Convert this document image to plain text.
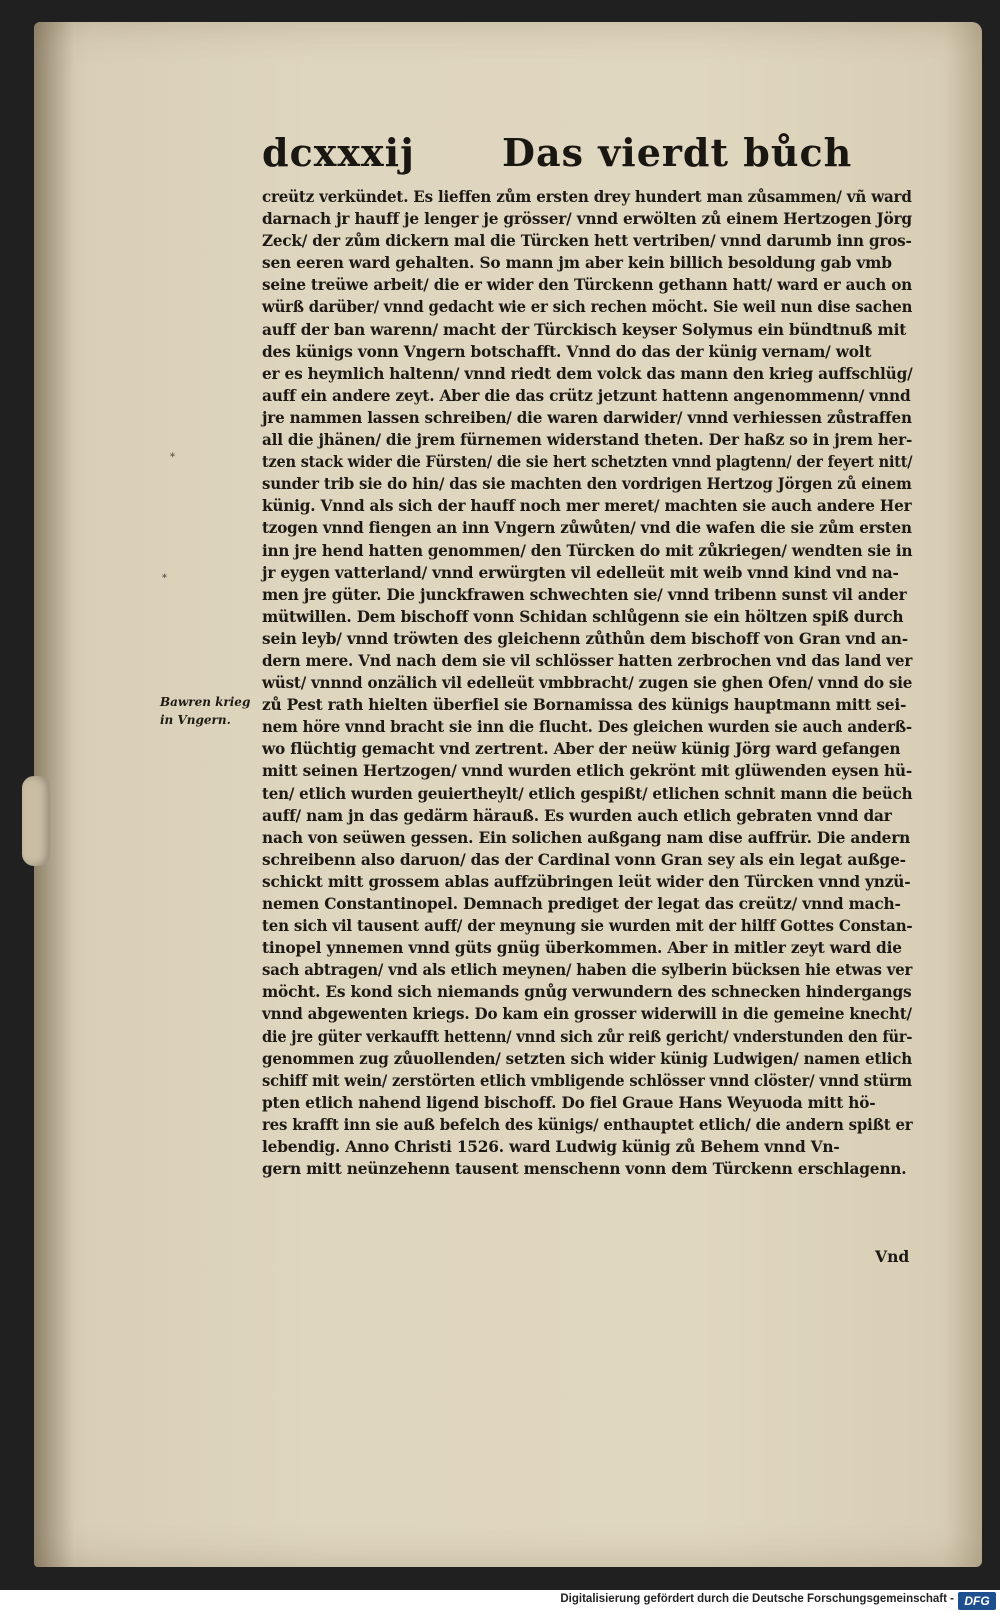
dcxxxij Das vierdt bůch
*
*
Bawren krieg
in Vngern.
creütz verkündet. Es lieffen zům ersten drey hundert man zůsammen/ vñ ward
darnach jr hauff je lenger je grösser/ vnnd erwölten zů einem Hertzogen Jörg
Zeck/ der zům dickern mal die Türcken hett vertriben/ vnnd darumb inn gros-
sen eeren ward gehalten. So mann jm aber kein billich besoldung gab vmb
seine treüwe arbeit/ die er wider den Türckenn gethann hatt/ ward er auch on
würß darüber/ vnnd gedacht wie er sich rechen möcht. Sie weil nun dise sachen
auff der ban warenn/ macht der Türckisch keyser Solymus ein bündtnuß mit
des künigs vonn Vngern botschafft. Vnnd do das der künig vernam/ wolt
er es heymlich haltenn/ vnnd riedt dem volck das mann den krieg auffschlüg/
auff ein andere zeyt. Aber die das crütz jetzunt hattenn angenommenn/ vnnd
jre nammen lassen schreiben/ die waren darwider/ vnnd verhiessen zůstraffen
all die jhänen/ die jrem fürnemen widerstand theten. Der haßz so in jrem her-
tzen stack wider die Fürsten/ die sie hert schetzten vnnd plagtenn/ der feyert nitt/
sunder trib sie do hin/ das sie machten den vordrigen Hertzog Jörgen zů einem
künig. Vnnd als sich der hauff noch mer meret/ machten sie auch andere Her
tzogen vnnd fiengen an inn Vngern zůwůten/ vnd die wafen die sie zům ersten
inn jre hend hatten genommen/ den Türcken do mit zůkriegen/ wendten sie in
jr eygen vatterland/ vnnd erwürgten vil edelleüt mit weib vnnd kind vnd na-
men jre güter. Die junckfrawen schwechten sie/ vnnd tribenn sunst vil ander
mütwillen. Dem bischoff vonn Schidan schlůgenn sie ein höltzen spiß durch
sein leyb/ vnnd tröwten des gleichenn zůthůn dem bischoff von Gran vnd an-
dern mere. Vnd nach dem sie vil schlösser hatten zerbrochen vnd das land ver
wüst/ vnnnd onzälich vil edelleüt vmbbracht/ zugen sie ghen Ofen/ vnnd do sie
zů Pest rath hielten überfiel sie Bornamissa des künigs hauptmann mitt sei-
nem höre vnnd bracht sie inn die flucht. Des gleichen wurden sie auch anderß-
wo flüchtig gemacht vnd zertrent. Aber der neüw künig Jörg ward gefangen
mitt seinen Hertzogen/ vnnd wurden etlich gekrönt mit glüwenden eysen hü-
ten/ etlich wurden geuiertheylt/ etlich gespißt/ etlichen schnit mann die beüch
auff/ nam jn das gedärm härauß. Es wurden auch etlich gebraten vnnd dar
nach von seüwen gessen. Ein solichen außgang nam dise auffrür. Die andern
schreibenn also daruon/ das der Cardinal vonn Gran sey als ein legat außge-
schickt mitt grossem ablas auffzübringen leüt wider den Türcken vnnd ynzü-
nemen Constantinopel. Demnach prediget der legat das creütz/ vnnd mach-
ten sich vil tausent auff/ der meynung sie wurden mit der hilff Gottes Constan-
tinopel ynnemen vnnd güts gnüg überkommen. Aber in mitler zeyt ward die
sach abtragen/ vnd als etlich meynen/ haben die sylberin bücksen hie etwas ver
möcht. Es kond sich niemands gnůg verwundern des schnecken hindergangs
vnnd abgewenten kriegs. Do kam ein grosser widerwill in die gemeine knecht/
die jre güter verkaufft hettenn/ vnnd sich zůr reiß gericht/ vnderstunden den für-
genommen zug zůuollenden/ setzten sich wider künig Ludwigen/ namen etlich
schiff mit wein/ zerstörten etlich vmbligende schlösser vnnd clöster/ vnnd stürm
pten etlich nahend ligend bischoff. Do fiel Graue Hans Weyuoda mitt hö-
res krafft inn sie auß befelch des künigs/ enthauptet etlich/ die andern spißt er
lebendig. Anno Christi 1526. ward Ludwig künig zů Behem vnnd Vn-
gern mitt neünzehenn tausent menschenn vonn dem Türckenn erschlagenn.
Vnd
Digitalisierung gefördert durch die Deutsche Forschungsgemeinschaft - DFG
